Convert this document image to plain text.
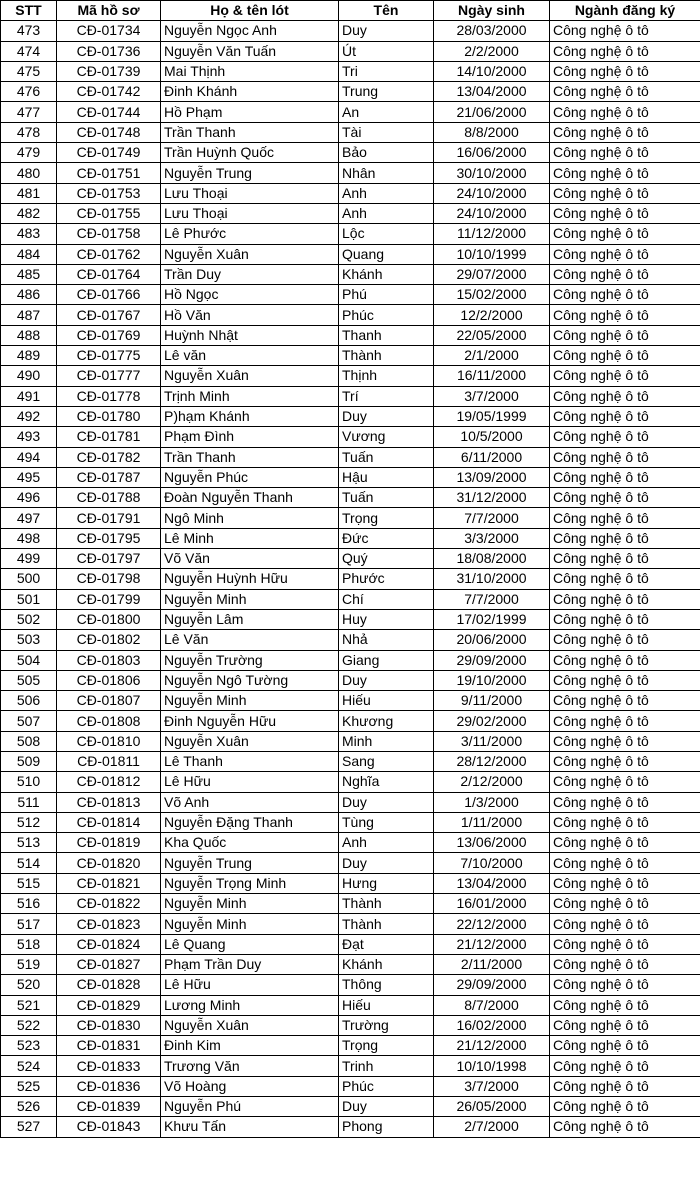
STT	Mã hồ sơ	Họ & tên lót	Tên	Ngày sinh	Ngành đăng ký
473	CĐ-01734	Nguyễn Ngọc Anh	Duy	28/03/2000	Công nghệ ô tô
474	CĐ-01736	Nguyễn Văn Tuấn	Út	2/2/2000	Công nghệ ô tô
475	CĐ-01739	Mai Thịnh	Tri	14/10/2000	Công nghệ ô tô
476	CĐ-01742	Đinh Khánh	Trung	13/04/2000	Công nghệ ô tô
477	CĐ-01744	Hồ Phạm	An	21/06/2000	Công nghệ ô tô
478	CĐ-01748	Trần Thanh	Tài	8/8/2000	Công nghệ ô tô
479	CĐ-01749	Trần Huỳnh Quốc	Bảo	16/06/2000	Công nghệ ô tô
480	CĐ-01751	Nguyễn Trung	Nhân	30/10/2000	Công nghệ ô tô
481	CĐ-01753	Lưu Thoại	Anh	24/10/2000	Công nghệ ô tô
482	CĐ-01755	Lưu Thoại	Anh	24/10/2000	Công nghệ ô tô
483	CĐ-01758	Lê Phước	Lộc	11/12/2000	Công nghệ ô tô
484	CĐ-01762	Nguyễn Xuân	Quang	10/10/1999	Công nghệ ô tô
485	CĐ-01764	Trần Duy	Khánh	29/07/2000	Công nghệ ô tô
486	CĐ-01766	Hồ Ngọc	Phú	15/02/2000	Công nghệ ô tô
487	CĐ-01767	Hồ Văn	Phúc	12/2/2000	Công nghệ ô tô
488	CĐ-01769	Huỳnh Nhật	Thanh	22/05/2000	Công nghệ ô tô
489	CĐ-01775	Lê văn	Thành	2/1/2000	Công nghệ ô tô
490	CĐ-01777	Nguyễn Xuân	Thịnh	16/11/2000	Công nghệ ô tô
491	CĐ-01778	Trịnh Minh	Trí	3/7/2000	Công nghệ ô tô
492	CĐ-01780	P)hạm Khánh	Duy	19/05/1999	Công nghệ ô tô
493	CĐ-01781	Phạm Đình	Vương	10/5/2000	Công nghệ ô tô
494	CĐ-01782	Trần Thanh	Tuấn	6/11/2000	Công nghệ ô tô
495	CĐ-01787	Nguyễn Phúc	Hậu	13/09/2000	Công nghệ ô tô
496	CĐ-01788	Đoàn Nguyễn Thanh	Tuấn	31/12/2000	Công nghệ ô tô
497	CĐ-01791	Ngô Minh	Trọng	7/7/2000	Công nghệ ô tô
498	CĐ-01795	Lê Minh	Đức	3/3/2000	Công nghệ ô tô
499	CĐ-01797	Võ Văn	Quý	18/08/2000	Công nghệ ô tô
500	CĐ-01798	Nguyễn Huỳnh Hữu	Phước	31/10/2000	Công nghệ ô tô
501	CĐ-01799	Nguyễn Minh	Chí	7/7/2000	Công nghệ ô tô
502	CĐ-01800	Nguyễn Lâm	Huy	17/02/1999	Công nghệ ô tô
503	CĐ-01802	Lê Văn	Nhả	20/06/2000	Công nghệ ô tô
504	CĐ-01803	Nguyễn Trường	Giang	29/09/2000	Công nghệ ô tô
505	CĐ-01806	Nguyễn Ngô Tường	Duy	19/10/2000	Công nghệ ô tô
506	CĐ-01807	Nguyễn Minh	Hiếu	9/11/2000	Công nghệ ô tô
507	CĐ-01808	Đinh Nguyễn Hữu	Khương	29/02/2000	Công nghệ ô tô
508	CĐ-01810	Nguyễn Xuân	Minh	3/11/2000	Công nghệ ô tô
509	CĐ-01811	Lê Thanh	Sang	28/12/2000	Công nghệ ô tô
510	CĐ-01812	Lê Hữu	Nghĩa	2/12/2000	Công nghệ ô tô
511	CĐ-01813	Võ Anh	Duy	1/3/2000	Công nghệ ô tô
512	CĐ-01814	Nguyễn Đặng Thanh	Tùng	1/11/2000	Công nghệ ô tô
513	CĐ-01819	Kha Quốc	Anh	13/06/2000	Công nghệ ô tô
514	CĐ-01820	Nguyễn Trung	Duy	7/10/2000	Công nghệ ô tô
515	CĐ-01821	Nguyễn Trọng Minh	Hưng	13/04/2000	Công nghệ ô tô
516	CĐ-01822	Nguyễn Minh	Thành	16/01/2000	Công nghệ ô tô
517	CĐ-01823	Nguyễn Minh	Thành	22/12/2000	Công nghệ ô tô
518	CĐ-01824	Lê Quang	Đạt	21/12/2000	Công nghệ ô tô
519	CĐ-01827	Phạm Trần Duy	Khánh	2/11/2000	Công nghệ ô tô
520	CĐ-01828	Lê Hữu	Thông	29/09/2000	Công nghệ ô tô
521	CĐ-01829	Lương Minh	Hiếu	8/7/2000	Công nghệ ô tô
522	CĐ-01830	Nguyễn Xuân	Trường	16/02/2000	Công nghệ ô tô
523	CĐ-01831	Đinh Kim	Trọng	21/12/2000	Công nghệ ô tô
524	CĐ-01833	Trương Văn	Trinh	10/10/1998	Công nghệ ô tô
525	CĐ-01836	Võ Hoàng	Phúc	3/7/2000	Công nghệ ô tô
526	CĐ-01839	Nguyễn Phú	Duy	26/05/2000	Công nghệ ô tô
527	CĐ-01843	Khưu Tấn	Phong	2/7/2000	Công nghệ ô tô
